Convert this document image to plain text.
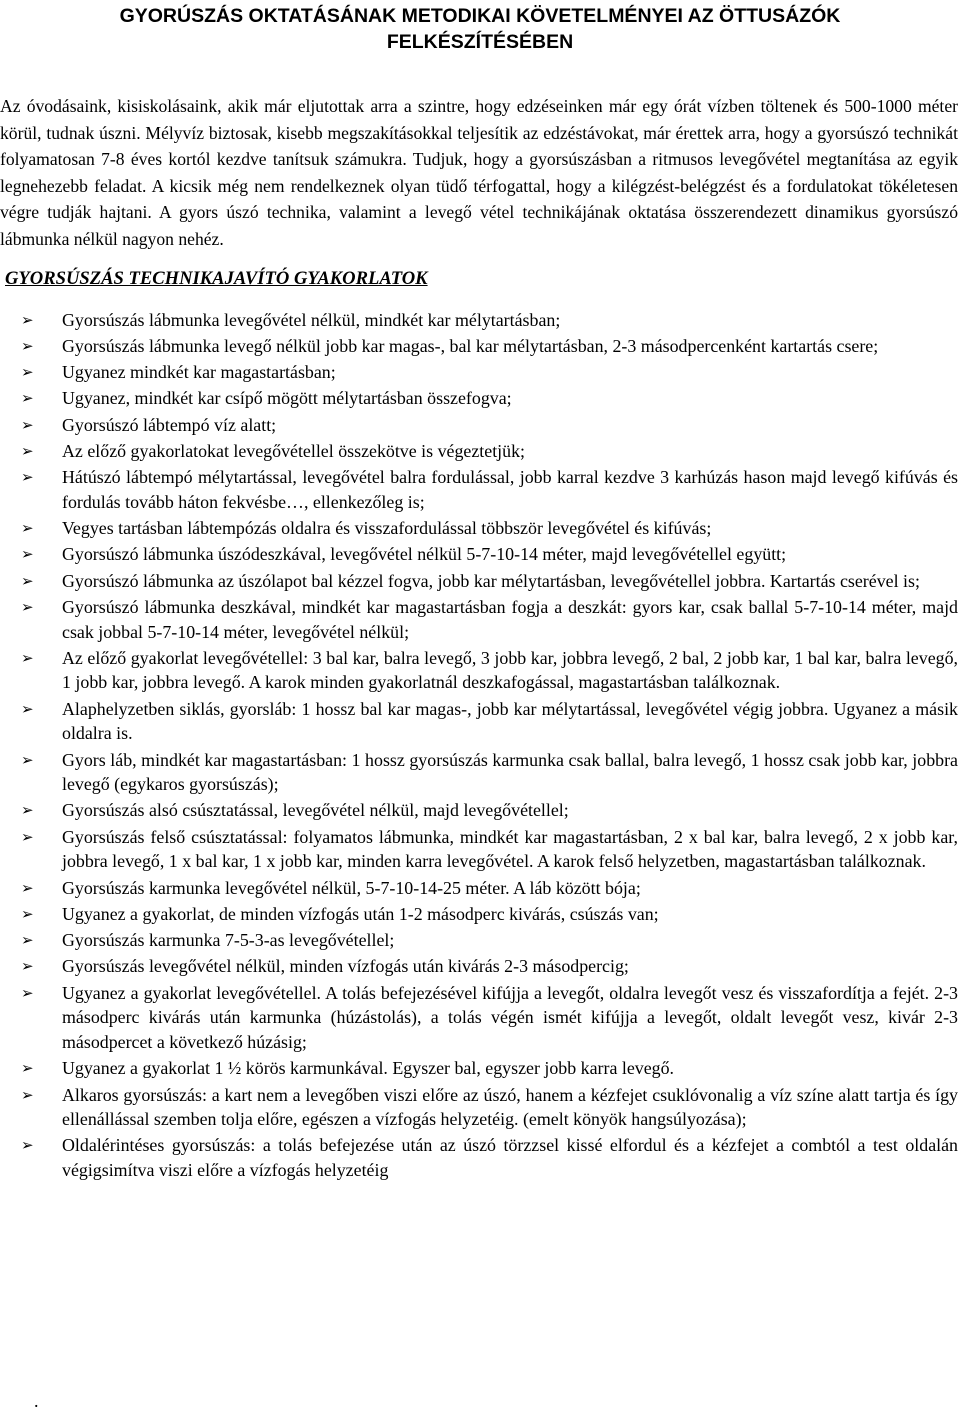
GYORÚSZÁS OKTATÁSÁNAK METODIKAI KÖVETELMÉNYEI AZ ÖTTUSÁZÓK
FELKÉSZÍTÉSÉBEN

Az óvodásaink, kisiskolásaink, akik már eljutottak arra a szintre, hogy edzéseinken már egy órát vízben töltenek és 500-1000 méter körül, tudnak úszni. Mélyvíz biztosak, kisebb megszakításokkal teljesítik az edzéstávokat, már érettek arra, hogy a gyorsúszó technikát folyamatosan 7-8 éves kortól kezdve tanítsuk számukra. Tudjuk, hogy a gyorsúszásban a ritmusos levegővétel megtanítása az egyik legnehezebb feladat. A kicsik még nem rendelkeznek olyan tüdő térfogattal, hogy a kilégzést-belégzést és a fordulatokat tökéletesen végre tudják hajtani. A gyors úszó technika, valamint a levegő vétel technikájának oktatása összerendezett dinamikus gyorsúszó lábmunka nélkül nagyon nehéz.

GYORSÚSZÁS TECHNIKAJAVÍTÓ GYAKORLATOK
➢ Gyorsúszás lábmunka levegővétel nélkül, mindkét kar mélytartásban;
➢ Gyorsúszás lábmunka levegő nélkül jobb kar magas-, bal kar mélytartásban, 2-3 másodpercenként kartartás csere;
➢ Ugyanez mindkét kar magastartásban;
➢ Ugyanez, mindkét kar csípő mögött mélytartásban összefogva;
➢ Gyorsúszó lábtempó víz alatt;
➢ Az előző gyakorlatokat levegővétellel összekötve is végeztetjük;
➢ Hátúszó lábtempó mélytartással, levegővétel balra fordulással, jobb karral kezdve 3 karhúzás hason majd levegő kifúvás és fordulás tovább háton fekvésbe…, ellenkezőleg is;
➢ Vegyes tartásban lábtempózás oldalra és visszafordulással többször levegővétel és kifúvás;
➢ Gyorsúszó lábmunka úszódeszkával, levegővétel nélkül 5-7-10-14 méter, majd levegővétellel együtt;
➢ Gyorsúszó lábmunka az úszólapot bal kézzel fogva, jobb kar mélytartásban, levegővétellel jobbra. Kartartás cserével is;
➢ Gyorsúszó lábmunka deszkával, mindkét kar magastartásban fogja a deszkát: gyors kar, csak ballal 5-7-10-14 méter, majd csak jobbal 5-7-10-14 méter, levegővétel nélkül;
➢ Az előző gyakorlat levegővétellel: 3 bal kar, balra levegő, 3 jobb kar, jobbra levegő, 2 bal, 2 jobb kar, 1 bal kar, balra levegő, 1 jobb kar, jobbra levegő. A karok minden gyakorlatnál deszkafogással, magastartásban találkoznak.
➢ Alaphelyzetben siklás, gyorsláb: 1 hossz bal kar magas-, jobb kar mélytartással, levegővétel végig jobbra. Ugyanez a másik oldalra is.
➢ Gyors láb, mindkét kar magastartásban: 1 hossz gyorsúszás karmunka csak ballal, balra levegő, 1 hossz csak jobb kar, jobbra levegő (egykaros gyorsúszás);
➢ Gyorsúszás alsó csúsztatással, levegővétel nélkül, majd levegővétellel;
➢ Gyorsúszás felső csúsztatással: folyamatos lábmunka, mindkét kar magastartásban, 2 x bal kar, balra levegő, 2 x jobb kar, jobbra levegő, 1 x bal kar, 1 x jobb kar, minden karra levegővétel. A karok felső helyzetben, magastartásban találkoznak.
➢ Gyorsúszás karmunka levegővétel nélkül, 5-7-10-14-25 méter. A láb között bója;
➢ Ugyanez a gyakorlat, de minden vízfogás után 1-2 másodperc kivárás, csúszás van;
➢ Gyorsúszás karmunka 7-5-3-as levegővétellel;
➢ Gyorsúszás levegővétel nélkül, minden vízfogás után kivárás 2-3 másodpercig;
➢ Ugyanez a gyakorlat levegővétellel. A tolás befejezésével kifújja a levegőt, oldalra levegőt vesz és visszafordítja a fejét. 2-3 másodperc kivárás után karmunka (húzástolás), a tolás végén ismét kifújja a levegőt, oldalt levegőt vesz, kivár 2-3 másodpercet a következő húzásig;
➢ Ugyanez a gyakorlat 1 ½ körös karmunkával. Egyszer bal, egyszer jobb karra levegő.
➢ Alkaros gyorsúszás: a kart nem a levegőben viszi előre az úszó, hanem a kézfejet csuklóvonalig a víz színe alatt tartja és így ellenállással szemben tolja előre, egészen a vízfogás helyzetéig. (emelt könyök hangsúlyozása);
➢ Oldalérintéses gyorsúszás: a tolás befejezése után az úszó törzzsel kissé elfordul és a kézfejet a combtól a test oldalán végigsimítva viszi előre a vízfogás helyzetéig
.
